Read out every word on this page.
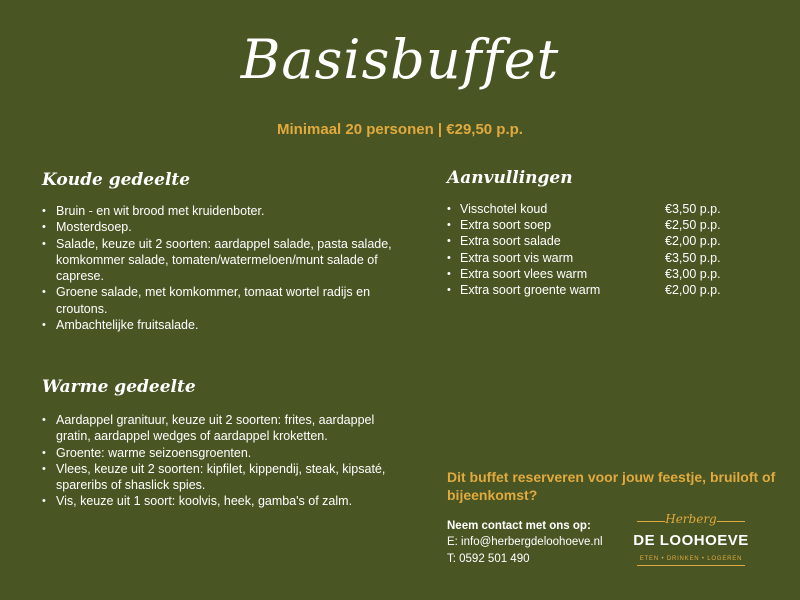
Basisbuffet
Minimaal 20 personen | €29,50 p.p.
Koude gedeelte
• Bruin - en wit brood met kruidenboter.
• Mosterdsoep.
• Salade, keuze uit 2 soorten: aardappel salade, pasta salade, komkommer salade, tomaten/watermeloen/munt salade of caprese.
• Groene salade, met komkommer, tomaat wortel radijs en croutons.
• Ambachtelijke fruitsalade.
Warme gedeelte
• Aardappel granituur, keuze uit 2 soorten: frites, aardappel gratin, aardappel wedges of aardappel kroketten.
• Groente: warme seizoensgroenten.
• Vlees, keuze uit 2 soorten: kipfilet, kippendij, steak, kipsaté, spareribs of shaslick spies.
• Vis, keuze uit 1 soort: koolvis, heek, gamba's of zalm.
Aanvullingen
• Visschotel koud	€3,50 p.p.

• Extra soort soep	€2,50 p.p.

• Extra soort salade	€2,00 p.p.

• Extra soort vis warm	€3,50 p.p.

• Extra soort vlees warm	€3,00 p.p.

• Extra soort groente warm	€2,00 p.p.
Dit buffet reserveren voor jouw feestje, bruiloft of bijeenkomst?
Neem contact met ons op:
E: info@herbergdeloohoeve.nl
T: 0592 501 490
Herberg
DE LOOHOEVE
ETEN • DRINKEN • LOGEREN
